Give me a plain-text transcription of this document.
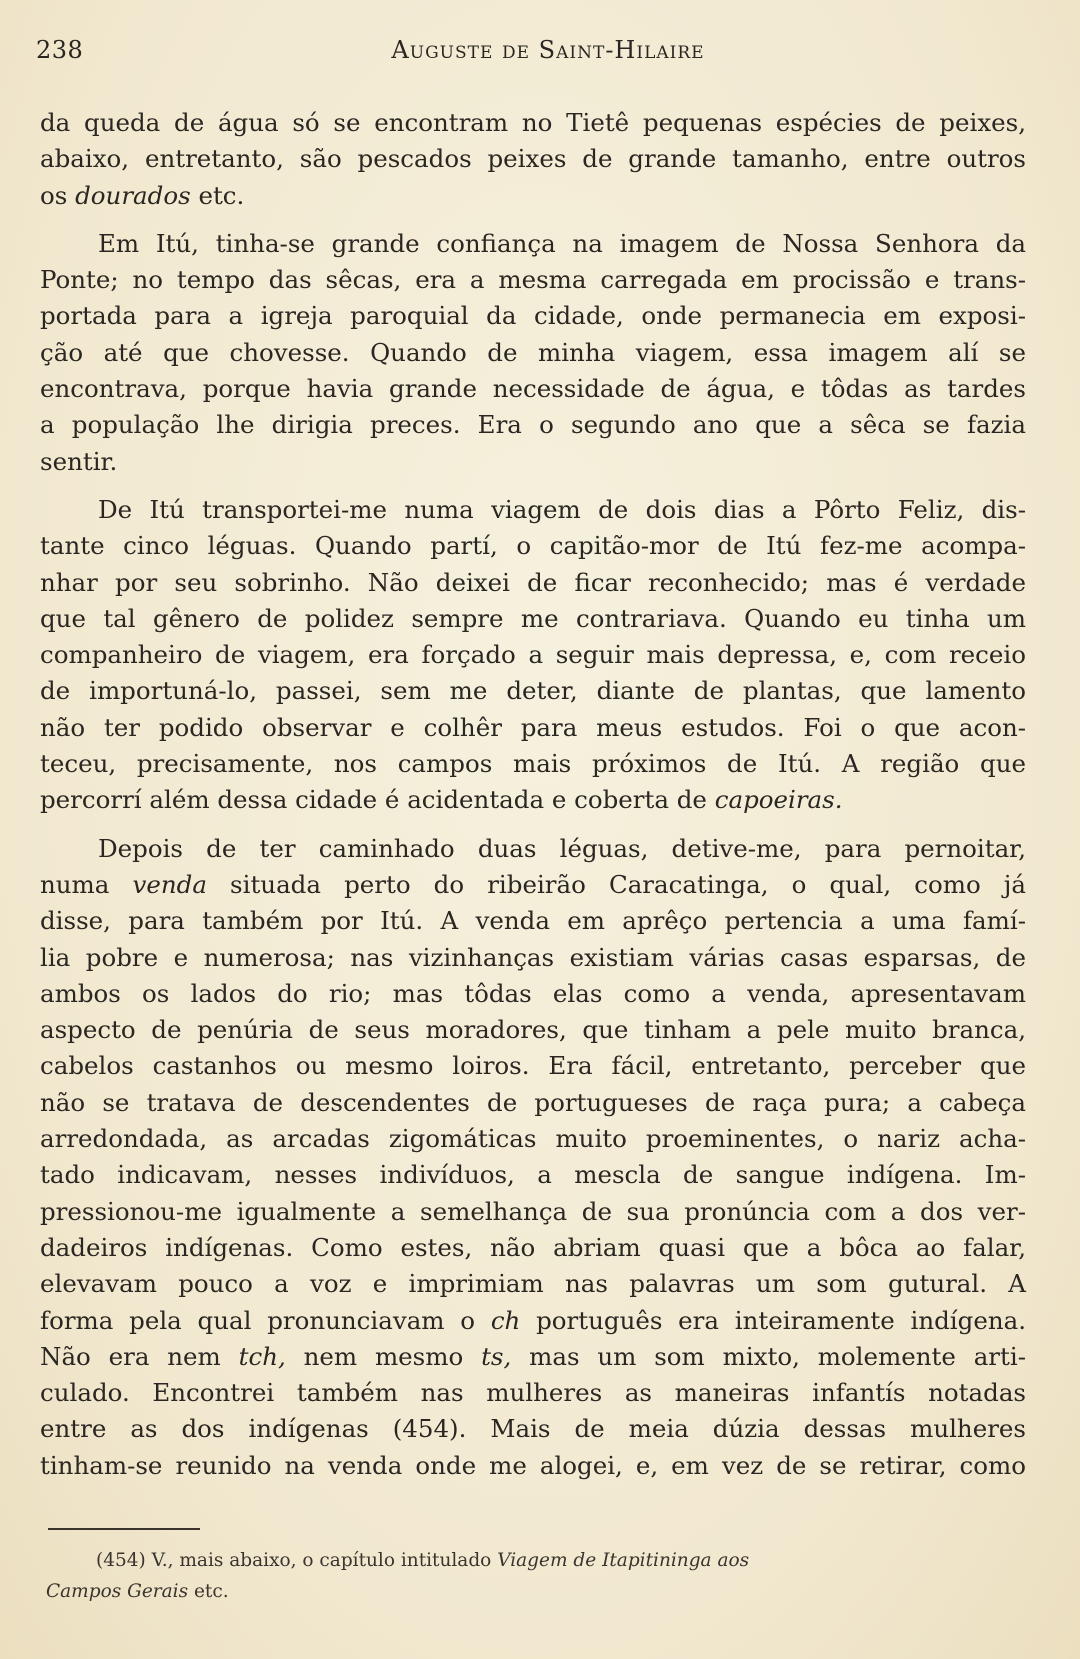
238	Auguste de Saint-Hilaire

da queda de água só se encontram no Tietê pequenas espécies de peixes,
abaixo, entretanto, são pescados peixes de grande tamanho, entre outros
os dourados etc.

Em Itú, tinha-se grande confiança na imagem de Nossa Senhora da
Ponte; no tempo das sêcas, era a mesma carregada em procissão e trans-
portada para a igreja paroquial da cidade, onde permanecia em exposi-
ção até que chovesse. Quando de minha viagem, essa imagem alí se
encontrava, porque havia grande necessidade de água, e tôdas as tardes
a população lhe dirigia preces. Era o segundo ano que a sêca se fazia
sentir.

De Itú transportei-me numa viagem de dois dias a Pôrto Feliz, dis-
tante cinco léguas. Quando partí, o capitão-mor de Itú fez-me acompa-
nhar por seu sobrinho. Não deixei de ficar reconhecido; mas é verdade
que tal gênero de polidez sempre me contrariava. Quando eu tinha um
companheiro de viagem, era forçado a seguir mais depressa, e, com receio
de importuná-lo, passei, sem me deter, diante de plantas, que lamento
não ter podido observar e colhêr para meus estudos. Foi o que acon-
teceu, precisamente, nos campos mais próximos de Itú. A região que
percorrí além dessa cidade é acidentada e coberta de capoeiras.

Depois de ter caminhado duas léguas, detive-me, para pernoitar,
numa venda situada perto do ribeirão Caracatinga, o qual, como já
disse, para também por Itú. A venda em aprêço pertencia a uma famí-
lia pobre e numerosa; nas vizinhanças existiam várias casas esparsas, de
ambos os lados do rio; mas tôdas elas como a venda, apresentavam
aspecto de penúria de seus moradores, que tinham a pele muito branca,
cabelos castanhos ou mesmo loiros. Era fácil, entretanto, perceber que
não se tratava de descendentes de portugueses de raça pura; a cabeça
arredondada, as arcadas zigomáticas muito proeminentes, o nariz acha-
tado indicavam, nesses indivíduos, a mescla de sangue indígena. Im-
pressionou-me igualmente a semelhança de sua pronúncia com a dos ver-
dadeiros indígenas. Como estes, não abriam quasi que a bôca ao falar,
elevavam pouco a voz e imprimiam nas palavras um som gutural. A
forma pela qual pronunciavam o ch português era inteiramente indígena.
Não era nem tch, nem mesmo ts, mas um som mixto, molemente arti-
culado. Encontrei também nas mulheres as maneiras infantís notadas
entre as dos indígenas (454). Mais de meia dúzia dessas mulheres
tinham-se reunido na venda onde me alogei, e, em vez de se retirar, como

(454) V., mais abaixo, o capítulo intitulado Viagem de Itapitininga aos
Campos Gerais etc.
